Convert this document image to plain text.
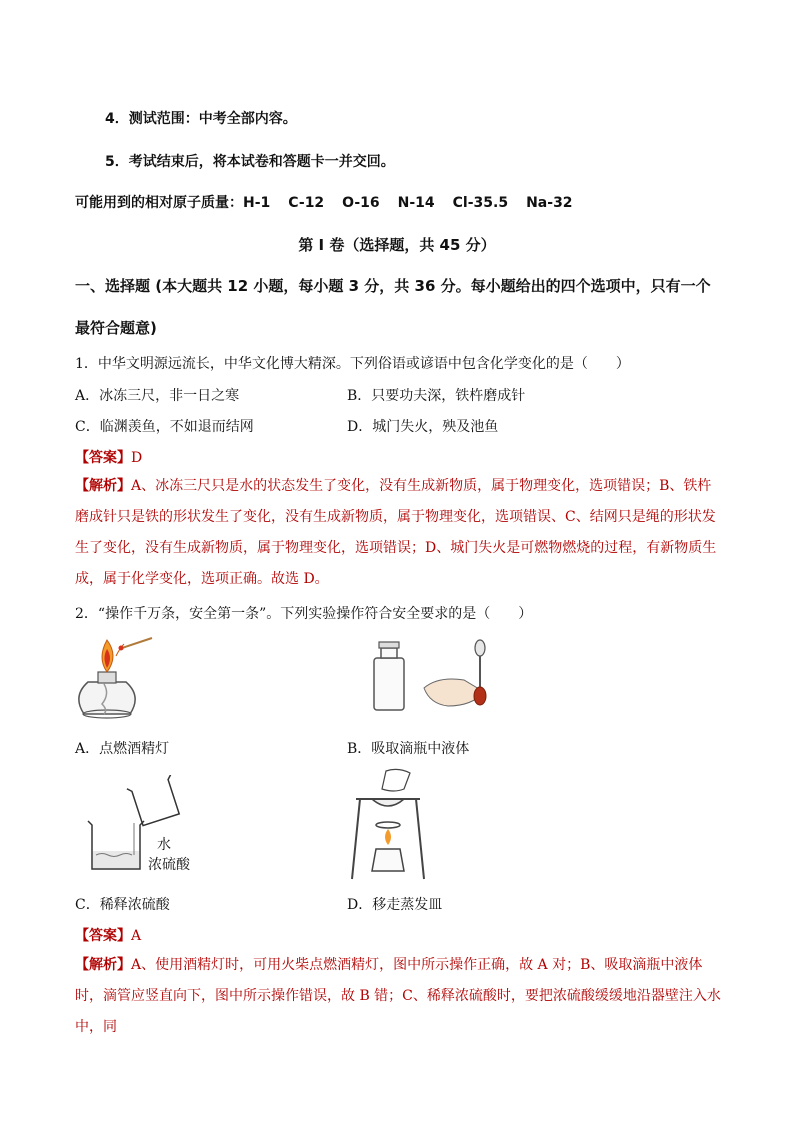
4．测试范围：中考全部内容。
5．考试结束后，将本试卷和答题卡一并交回。
可能用到的相对原子质量：H-1 C-12 O-16 N-14 Cl-35.5 Na-32
第 I 卷（选择题，共 45 分）
一、选择题 (本大题共 12 小题，每小题 3 分，共 36 分。每小题给出的四个选项中，只有一个
最符合题意)
1．中华文明源远流长，中华文化博大精深。下列俗语或谚语中包含化学变化的是（　　）
A．冰冻三尺，非一日之寒	B．只要功夫深，铁杵磨成针
C．临渊羡鱼，不如退而结网	D．城门失火，殃及池鱼
【答案】D
【解析】A、冰冻三尺只是水的状态发生了变化，没有生成新物质，属于物理变化，选项错误；B、铁杵磨成针只是铁的形状发生了变化，没有生成新物质，属于物理变化，选项错误、C、结网只是绳的形状发生了变化，没有生成新物质，属于物理变化，选项错误；D、城门失火是可燃物燃烧的过程，有新物质生成，属于化学变化，选项正确。故选 D。
2．“操作千万条，安全第一条”。下列实验操作符合安全要求的是（　　）
A．点燃酒精灯	B．吸取滴瓶中液体
水
浓硫酸
C．稀释浓硫酸	D．移走蒸发皿
【答案】A
【解析】A、使用酒精灯时，可用火柴点燃酒精灯，图中所示操作正确，故 A 对；B、吸取滴瓶中液体时，滴管应竖直向下，图中所示操作错误，故 B 错；C、稀释浓硫酸时，要把浓硫酸缓缓地沿器壁注入水中，同
